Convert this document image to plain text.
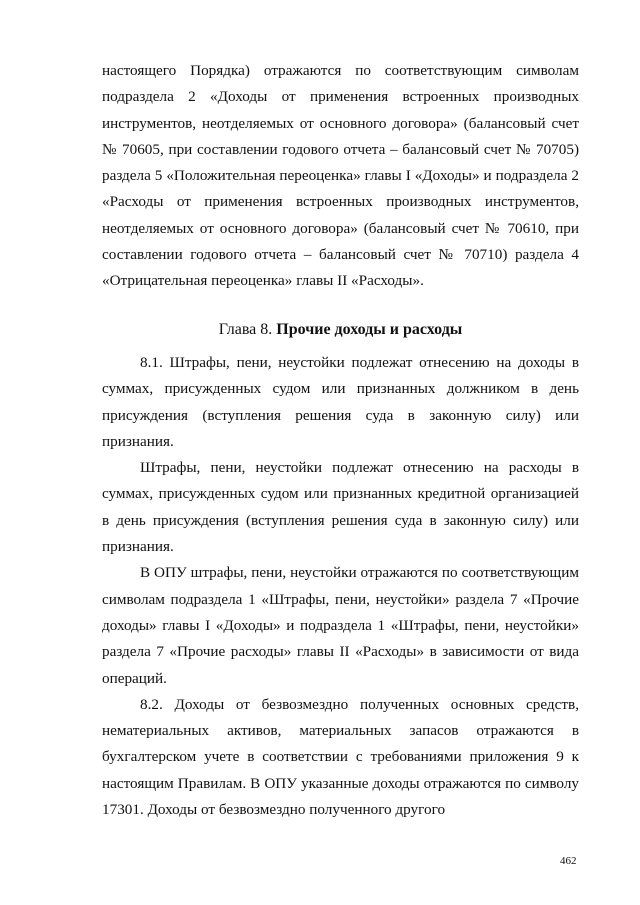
настоящего Порядка) отражаются по соответствующим символам подраздела 2 «Доходы от применения встроенных производных инструментов, неотделяемых от основного договора» (балансовый счет № 70605, при составлении годового отчета – балансовый счет № 70705) раздела 5 «Положительная переоценка» главы I «Доходы» и подраздела 2 «Расходы от применения встроенных производных инструментов, неотделяемых от основного договора» (балансовый счет № 70610, при составлении годового отчета – балансовый счет № 70710) раздела 4 «Отрицательная переоценка» главы II «Расходы».

Глава 8. Прочие доходы и расходы

8.1. Штрафы, пени, неустойки подлежат отнесению на доходы в суммах, присужденных судом или признанных должником в день присуждения (вступления решения суда в законную силу) или признания.

Штрафы, пени, неустойки подлежат отнесению на расходы в суммах, присужденных судом или признанных кредитной организацией в день присуждения (вступления решения суда в законную силу) или признания.

В ОПУ штрафы, пени, неустойки отражаются по соответствующим символам подраздела 1 «Штрафы, пени, неустойки» раздела 7 «Прочие доходы» главы I «Доходы» и подраздела 1 «Штрафы, пени, неустойки» раздела 7 «Прочие расходы» главы II «Расходы» в зависимости от вида операций.

8.2. Доходы от безвозмездно полученных основных средств, нематериальных активов, материальных запасов отражаются в бухгалтерском учете в соответствии с требованиями приложения 9 к настоящим Правилам. В ОПУ указанные доходы отражаются по символу 17301. Доходы от безвозмездно полученного другого

462
